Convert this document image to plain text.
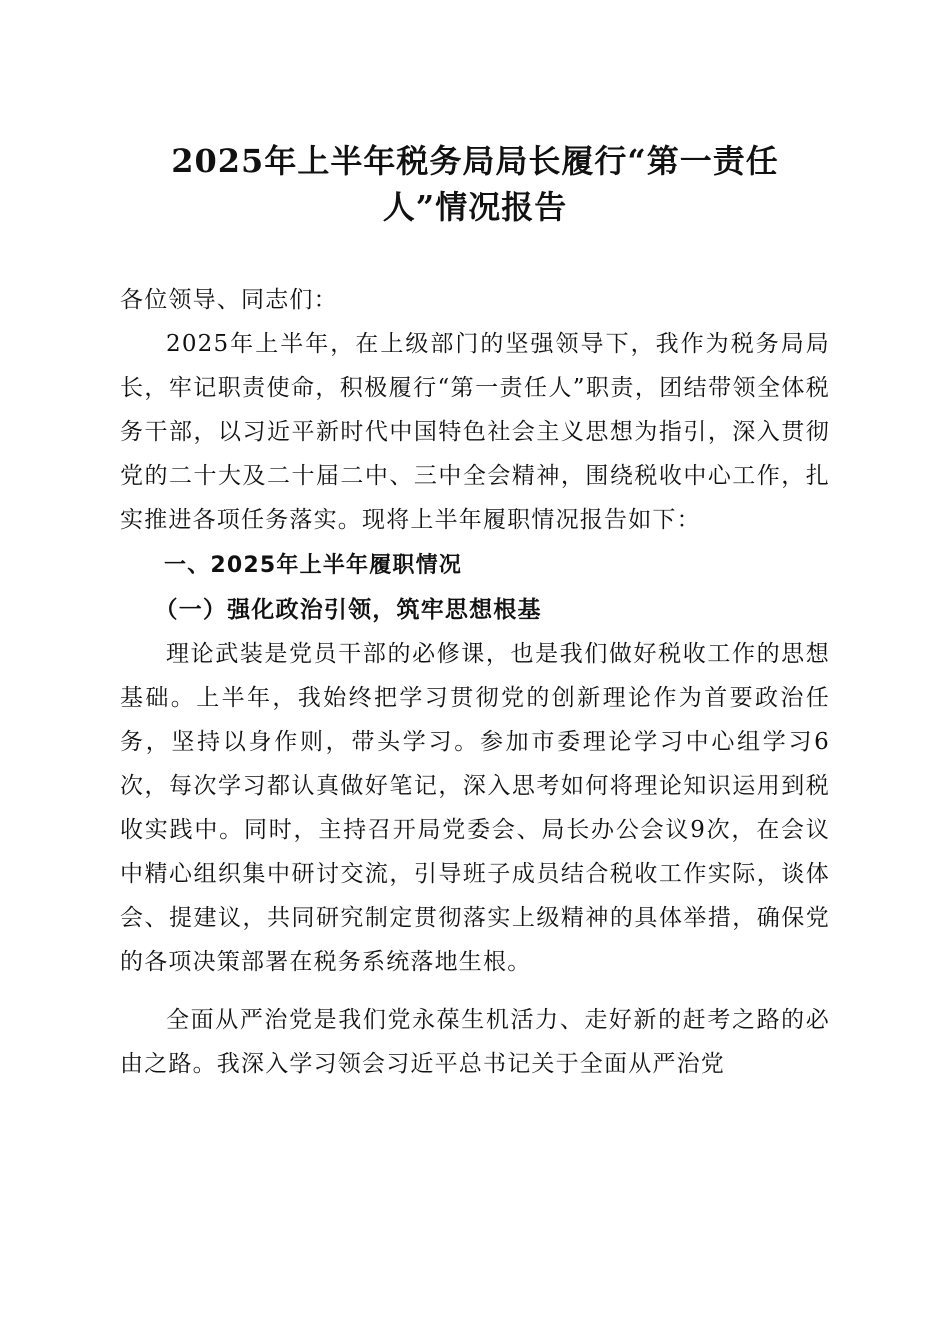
2025年上半年税务局局长履行“第一责任
人”情况报告

各位领导、同志们：

2025年上半年，在上级部门的坚强领导下，我作为税务局局长，牢记职责使命，积极履行“第一责任人”职责，团结带领全体税务干部，以习近平新时代中国特色社会主义思想为指引，深入贯彻党的二十大及二十届二中、三中全会精神，围绕税收中心工作，扎实推进各项任务落实。现将上半年履职情况报告如下：

一、2025年上半年履职情况

（一）强化政治引领，筑牢思想根基

理论武装是党员干部的必修课，也是我们做好税收工作的思想基础。上半年，我始终把学习贯彻党的创新理论作为首要政治任务，坚持以身作则，带头学习。参加市委理论学习中心组学习6次，每次学习都认真做好笔记，深入思考如何将理论知识运用到税收实践中。同时，主持召开局党委会、局长办公会议9次，在会议中精心组织集中研讨交流，引导班子成员结合税收工作实际，谈体会、提建议，共同研究制定贯彻落实上级精神的具体举措，确保党的各项决策部署在税务系统落地生根。

全面从严治党是我们党永葆生机活力、走好新的赶考之路的必由之路。我深入学习领会习近平总书记关于全面从严治党
